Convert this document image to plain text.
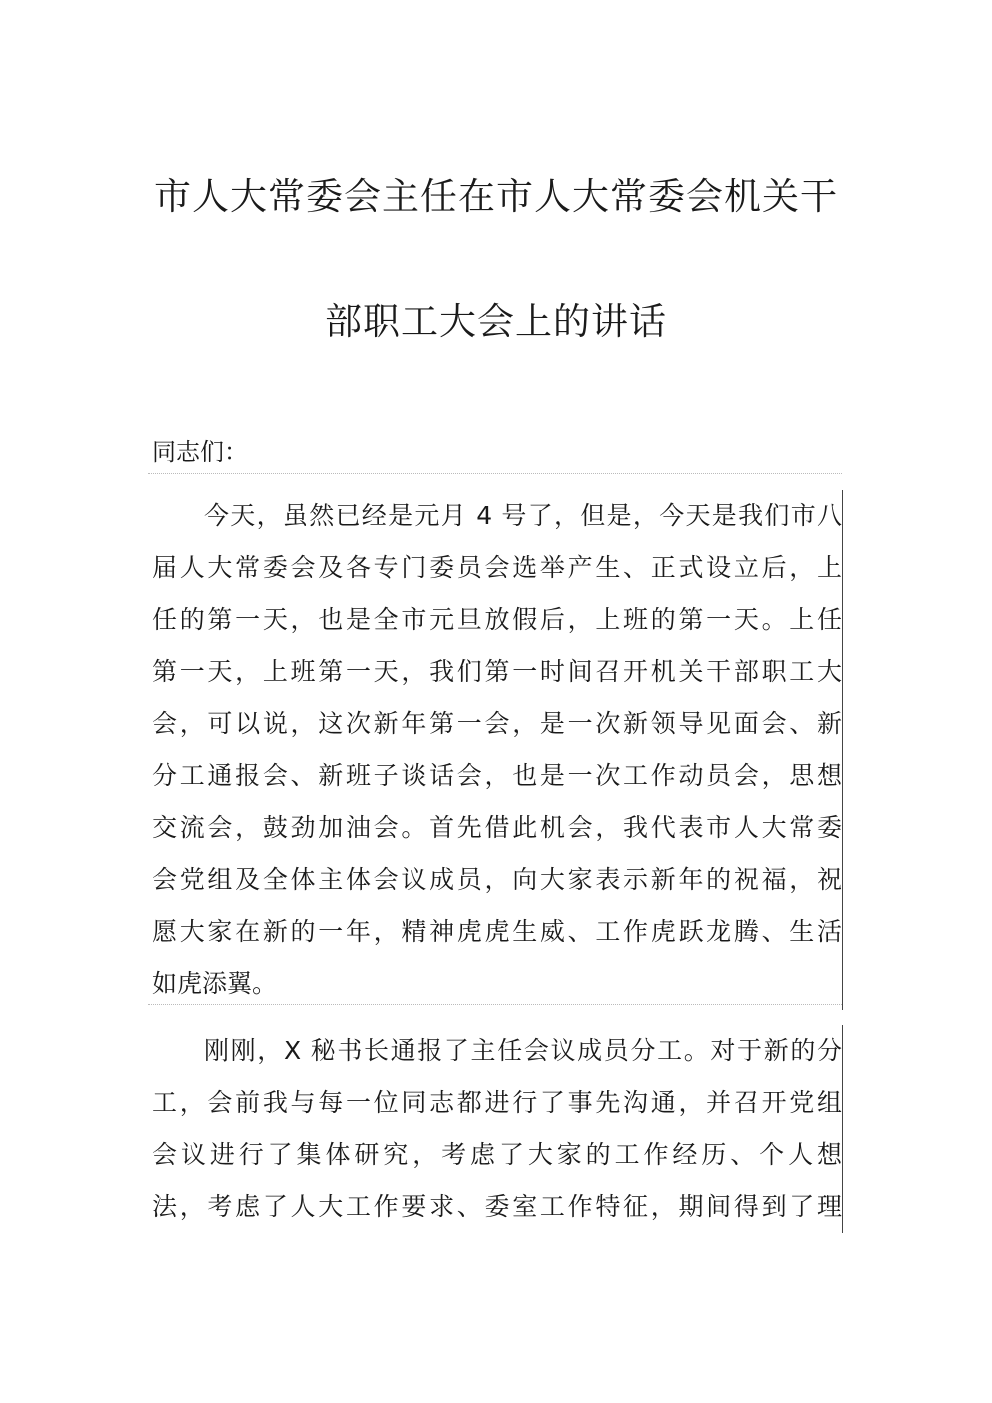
市人大常委会主任在市人大常委会机关干
部职工大会上的讲话
同志们：
今天，虽然已经是元月 4 号了，但是，今天是我们市八
届人大常委会及各专门委员会选举产生、正式设立后，上
任的第一天，也是全市元旦放假后，上班的第一天。上任
第一天，上班第一天，我们第一时间召开机关干部职工大
会，可以说，这次新年第一会，是一次新领导见面会、新
分工通报会、新班子谈话会，也是一次工作动员会，思想
交流会，鼓劲加油会。首先借此机会，我代表市人大常委
会党组及全体主体会议成员，向大家表示新年的祝福，祝
愿大家在新的一年，精神虎虎生威、工作虎跃龙腾、生活
如虎添翼。
刚刚，X 秘书长通报了主任会议成员分工。对于新的分
工，会前我与每一位同志都进行了事先沟通，并召开党组
会议进行了集体研究，考虑了大家的工作经历、个人想
法，考虑了人大工作要求、委室工作特征，期间得到了理
